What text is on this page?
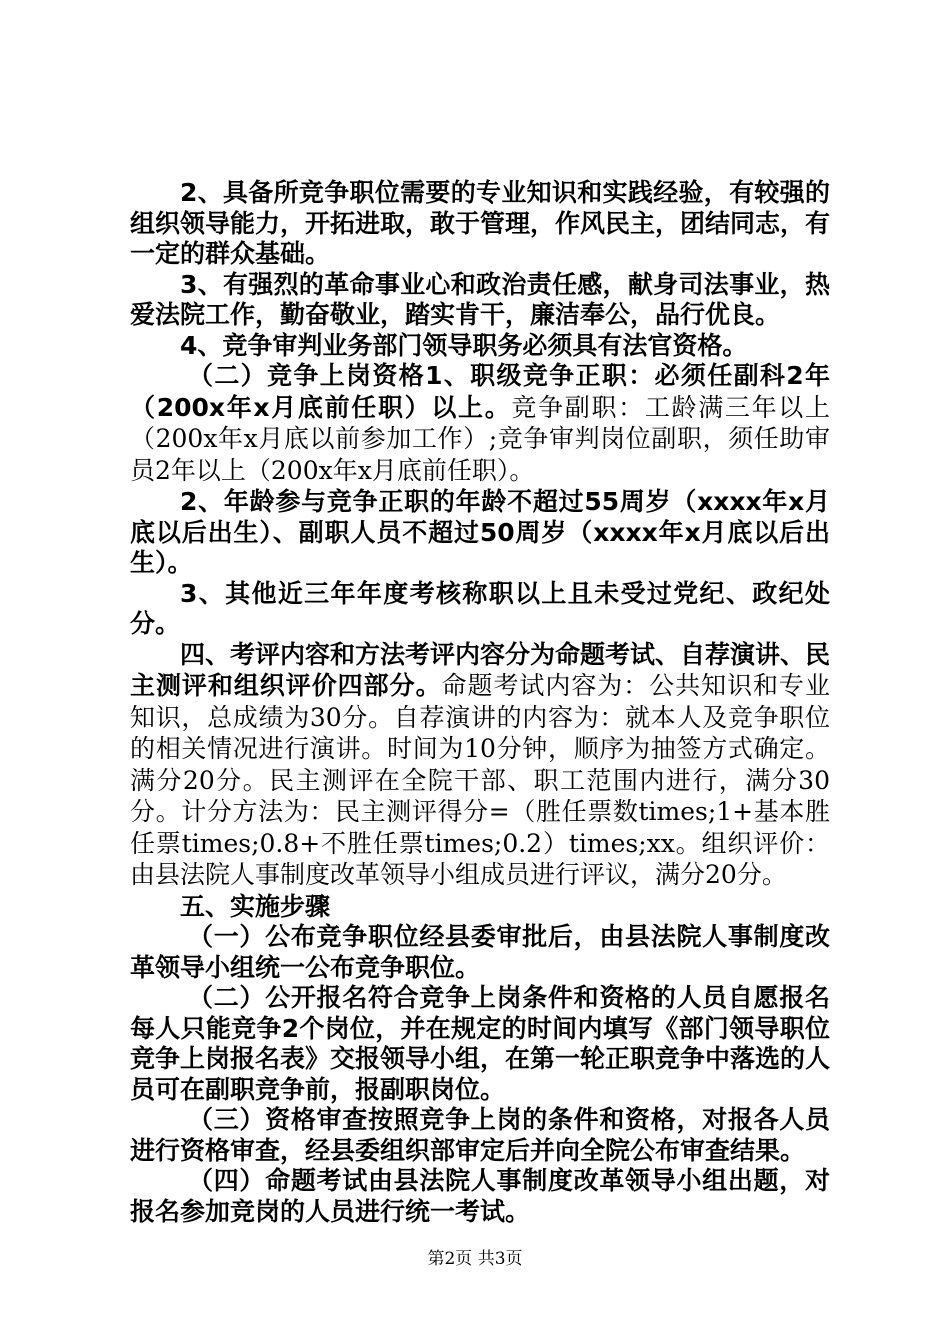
2、具备所竞争职位需要的专业知识和实践经验，有较强的组织领导能力，开拓进取，敢于管理，作风民主，团结同志，有一定的群众基础。

3、有强烈的革命事业心和政治责任感，献身司法事业，热爱法院工作，勤奋敬业，踏实肯干，廉洁奉公，品行优良。

4、竞争审判业务部门领导职务必须具有法官资格。

（二）竞争上岗资格1、职级竞争正职：必须任副科2年（200x年x月底前任职）以上。竞争副职：工龄满三年以上（200x年x月底以前参加工作）;竞争审判岗位副职，须任助审员2年以上（200x年x月底前任职）。

2、年龄参与竞争正职的年龄不超过55周岁（xxxx年x月底以后出生）、副职人员不超过50周岁（xxxx年x月底以后出生）。

3、其他近三年年度考核称职以上且未受过党纪、政纪处分。

四、考评内容和方法考评内容分为命题考试、自荐演讲、民主测评和组织评价四部分。命题考试内容为：公共知识和专业知识，总成绩为30分。自荐演讲的内容为：就本人及竞争职位的相关情况进行演讲。时间为10分钟，顺序为抽签方式确定。满分20分。民主测评在全院干部、职工范围内进行，满分30分。计分方法为：民主测评得分=（胜任票数times;1+基本胜任票times;0.8+不胜任票times;0.2）times;xx。组织评价：由县法院人事制度改革领导小组成员进行评议，满分20分。

五、实施步骤

（一）公布竞争职位经县委审批后，由县法院人事制度改革领导小组统一公布竞争职位。

（二）公开报名符合竞争上岗条件和资格的人员自愿报名每人只能竞争2个岗位，并在规定的时间内填写《部门领导职位竞争上岗报名表》交报领导小组，在第一轮正职竞争中落选的人员可在副职竞争前，报副职岗位。

（三）资格审查按照竞争上岗的条件和资格，对报各人员进行资格审查，经县委组织部审定后并向全院公布审查结果。

（四）命题考试由县法院人事制度改革领导小组出题，对报名参加竞岗的人员进行统一考试。

第2页 共3页
